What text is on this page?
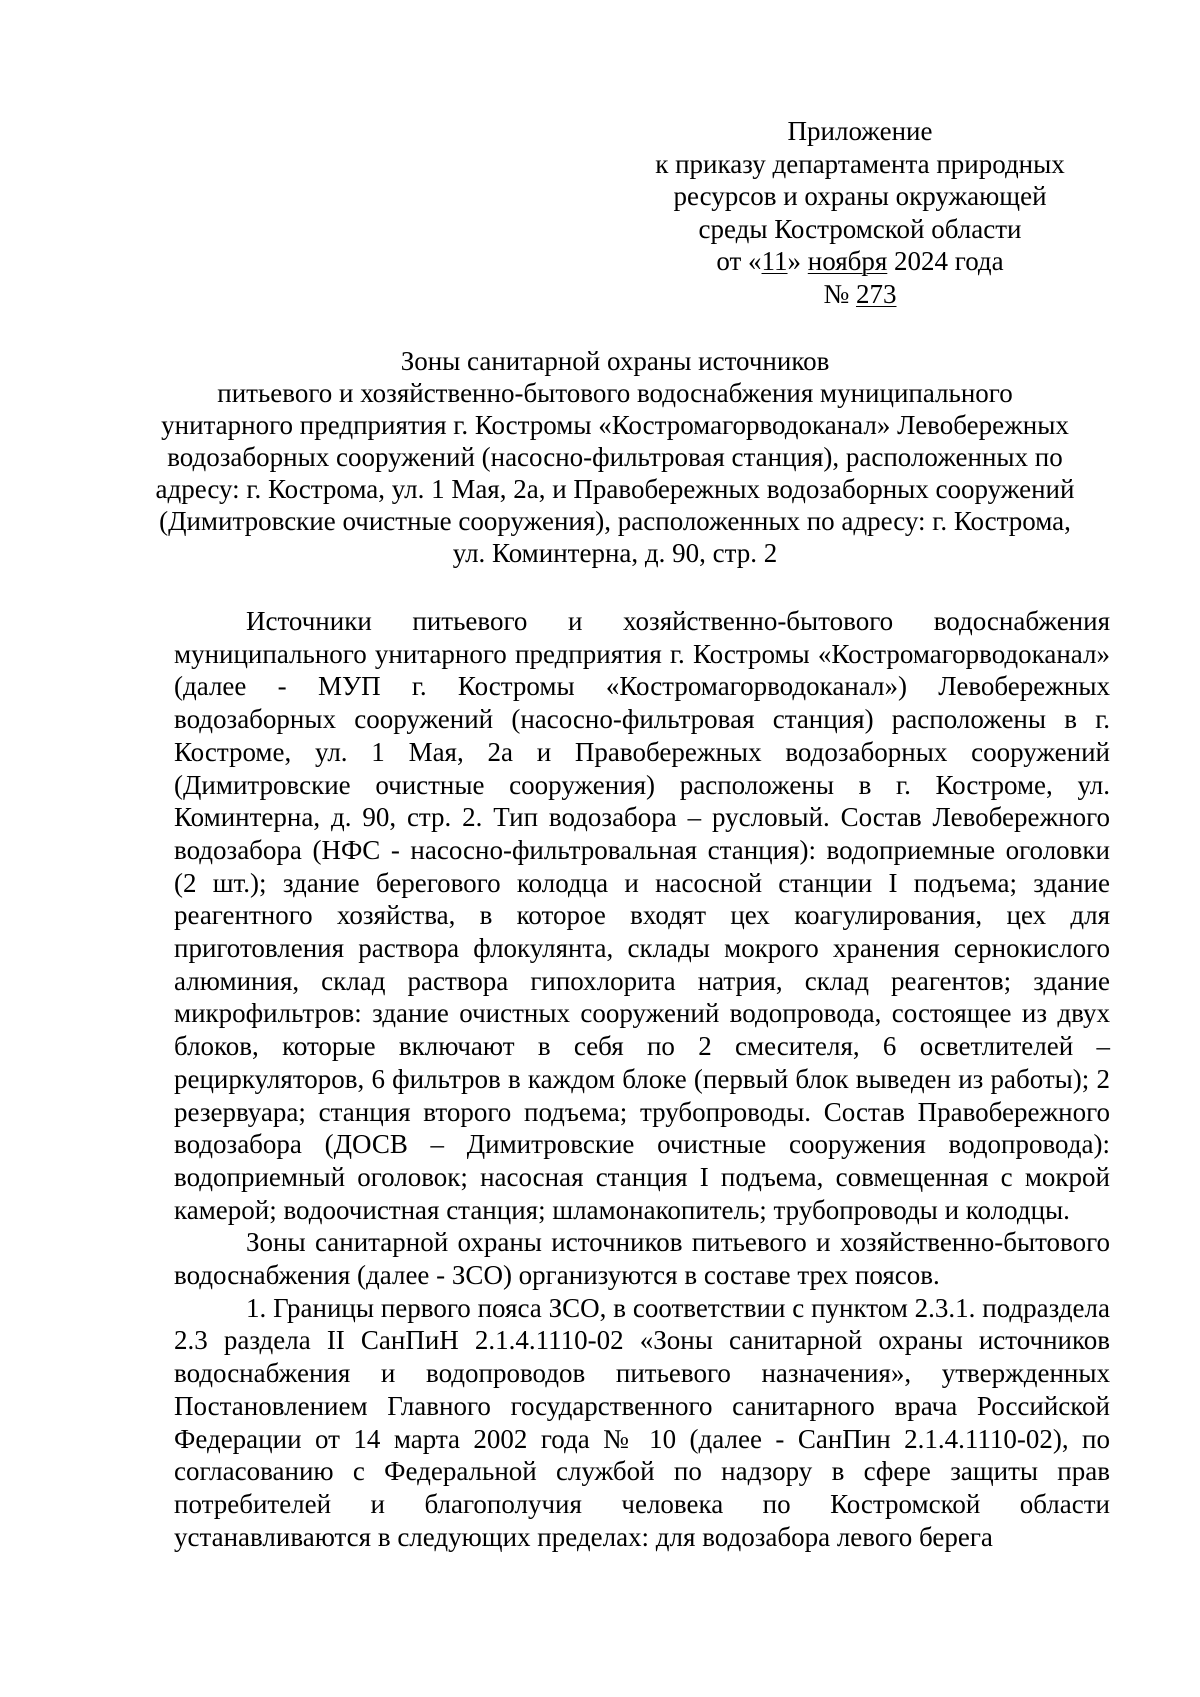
Приложение
к приказу департамента природных
ресурсов и охраны окружающей
среды Костромской области
от «11» ноября 2024 года
№ 273
Зоны санитарной охраны источников
питьевого и хозяйственно-бытового водоснабжения муниципального
унитарного предприятия г. Костромы «Костромагорводоканал» Левобережных
водозаборных сооружений (насосно-фильтровая станция), расположенных по
адресу: г. Кострома, ул. 1 Мая, 2а, и Правобережных водозаборных сооружений
(Димитровские очистные сооружения), расположенных по адресу: г. Кострома,
ул. Коминтерна, д. 90, стр. 2

Источники питьевого и хозяйственно-бытового водоснабжения муниципального унитарного предприятия г. Костромы «Костромагорводоканал» (далее - МУП г. Костромы «Костромагорводоканал») Левобережных водозаборных сооружений (насосно-фильтровая станция) расположены в г. Костроме, ул. 1 Мая, 2а и Правобережных водозаборных сооружений (Димитровские очистные сооружения) расположены в г. Костроме, ул. Коминтерна, д. 90, стр. 2. Тип водозабора – русловый. Состав Левобережного водозабора (НФС - насосно-фильтровальная станция): водоприемные оголовки (2 шт.); здание берегового колодца и насосной станции I подъема; здание реагентного хозяйства, в которое входят цех коагулирования, цех для приготовления раствора флокулянта, склады мокрого хранения сернокислого алюминия, склад раствора гипохлорита натрия, склад реагентов; здание микрофильтров: здание очистных сооружений водопровода, состоящее из двух блоков, которые включают в себя по 2 смесителя, 6 осветлителей – рециркуляторов, 6 фильтров в каждом блоке (первый блок выведен из работы); 2 резервуара; станция второго подъема; трубопроводы. Состав Правобережного водозабора (ДОСВ – Димитровские очистные сооружения водопровода): водоприемный оголовок; насосная станция I подъема, совмещенная с мокрой камерой; водоочистная станция; шламонакопитель; трубопроводы и колодцы.

Зоны санитарной охраны источников питьевого и хозяйственно-бытового водоснабжения (далее - ЗСО) организуются в составе трех поясов.

1. Границы первого пояса ЗСО, в соответствии с пунктом 2.3.1. подраздела 2.3 раздела II СанПиН 2.1.4.1110-02 «Зоны санитарной охраны источников водоснабжения и водопроводов питьевого назначения», утвержденных Постановлением Главного государственного санитарного врача Российской Федерации от 14 марта 2002 года № 10 (далее - СанПин 2.1.4.1110-02), по согласованию с Федеральной службой по надзору в сфере защиты прав потребителей и благополучия человека по Костромской области устанавливаются в следующих пределах: для водозабора левого берега
